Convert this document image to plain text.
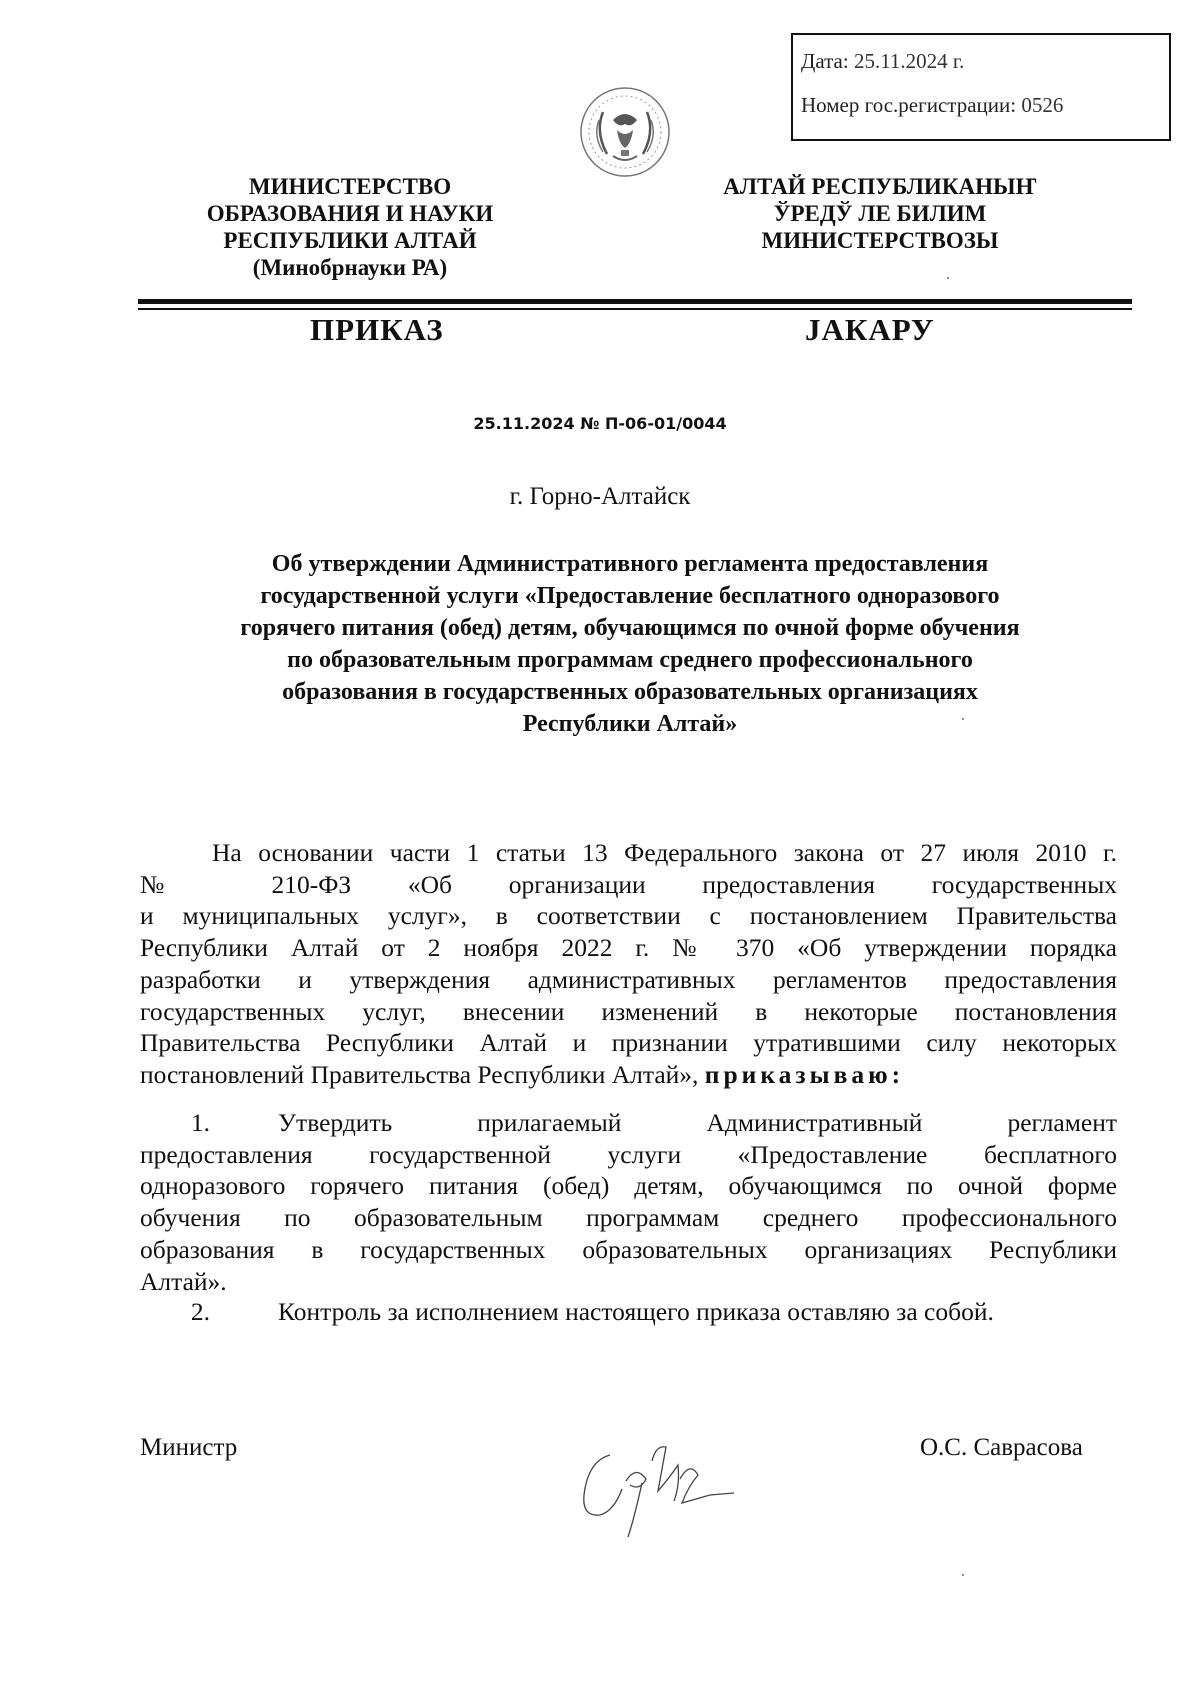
Дата: 25.11.2024 г.
Номер гос.регистрации: 0526
МИНИСТЕРСТВО
ОБРАЗОВАНИЯ И НАУКИ
РЕСПУБЛИКИ АЛТАЙ
(Минобрнауки РА)
АЛТАЙ РЕСПУБЛИКАНЫҤ
ЎРЕДЎ ЛЕ БИЛИМ
МИНИСТЕРСТВОЗЫ
ПРИКАЗ	ЈАКАРУ
25.11.2024 № П-06-01/0044
г. Горно-Алтайск
Об утверждении Административного регламента предоставления
государственной услуги «Предоставление бесплатного одноразового
горячего питания (обед) детям, обучающимся по очной форме обучения
по образовательным программам среднего профессионального
образования в государственных образовательных организациях
Республики Алтай»
На основании части 1 статьи 13 Федерального закона от 27 июля 2010 г.
№ 210-ФЗ «Об организации предоставления государственных
и муниципальных услуг», в соответствии с постановлением Правительства
Республики Алтай от 2 ноября 2022 г. № 370 «Об утверждении порядка
разработки и утверждения административных регламентов предоставления
государственных услуг, внесении изменений в некоторые постановления
Правительства Республики Алтай и признании утратившими силу некоторых
постановлений Правительства Республики Алтай», приказываю:
1.	Утвердить прилагаемый Административный регламент
предоставления государственной услуги «Предоставление бесплатного
одноразового горячего питания (обед) детям, обучающимся по очной форме
обучения по образовательным программам среднего профессионального
образования в государственных образовательных организациях Республики
Алтай».
2.	Контроль за исполнением настоящего приказа оставляю за собой.
Министр	О.С. Саврасова
